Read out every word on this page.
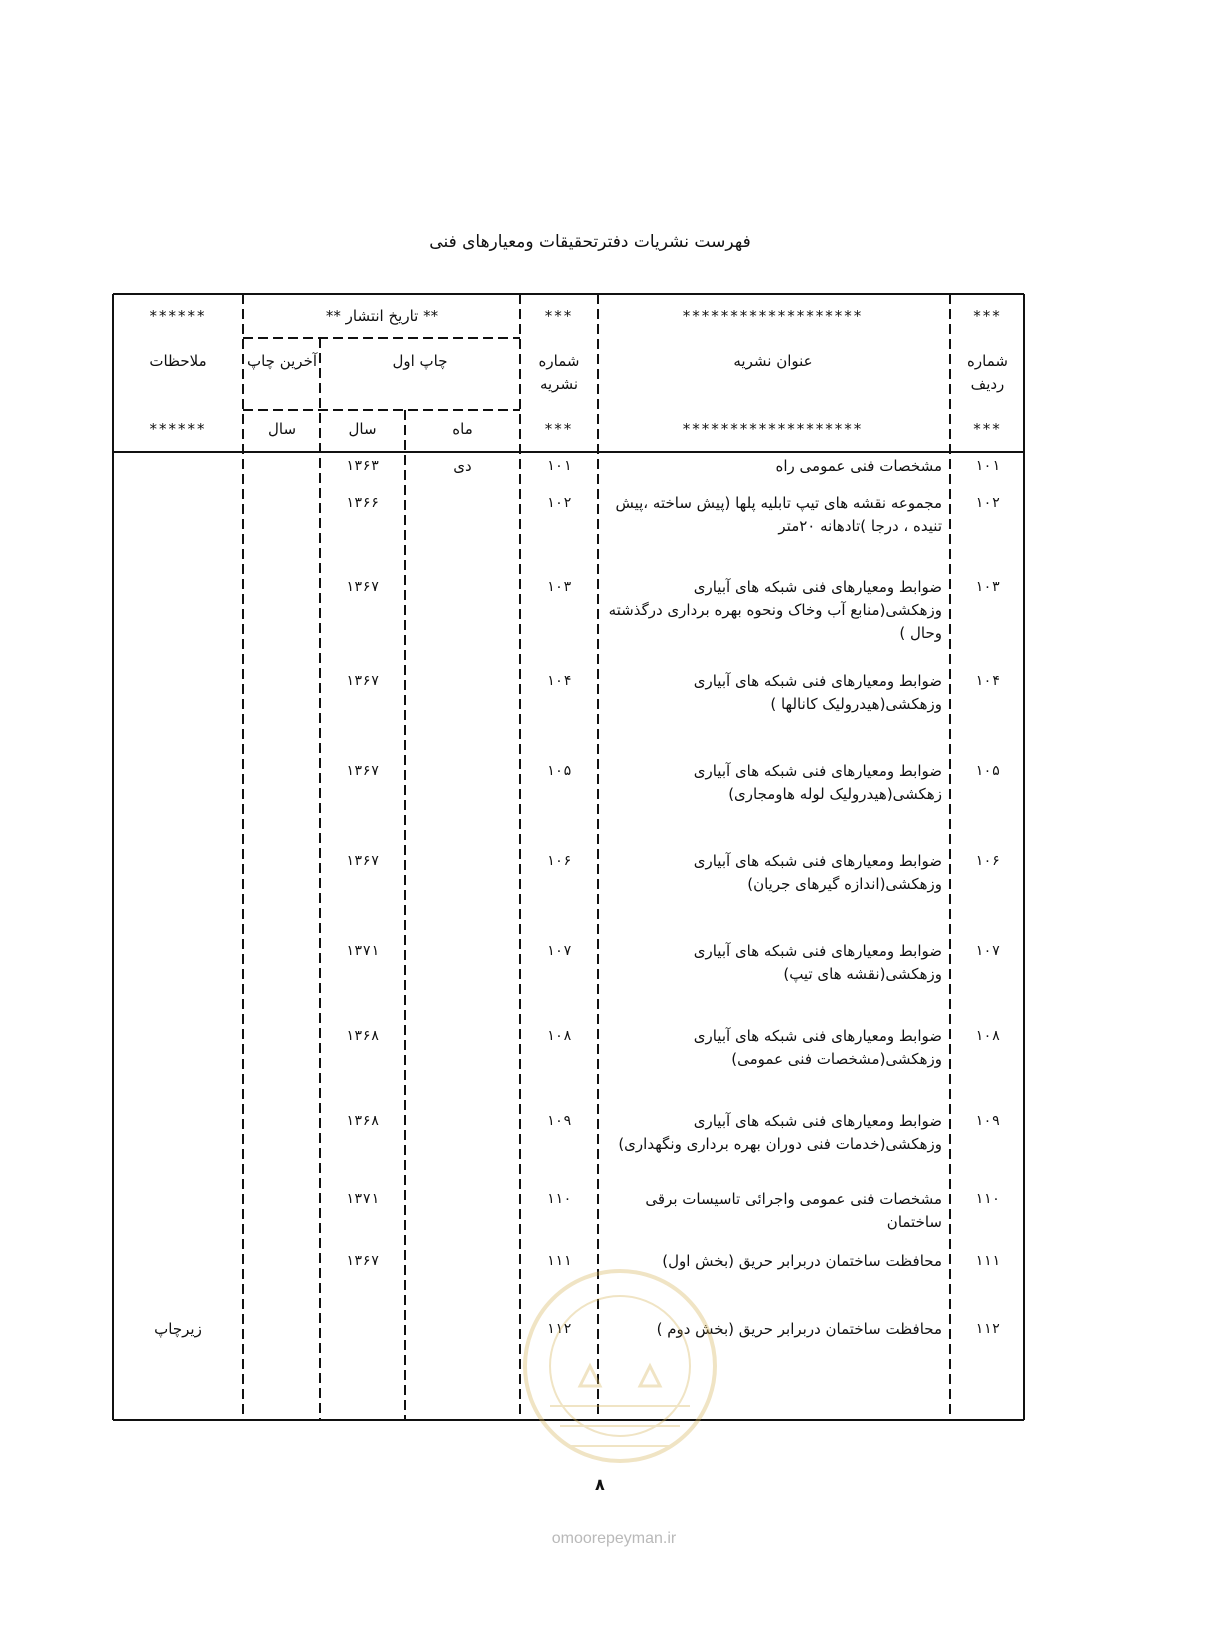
فهرست نشریات دفترتحقیقات ومعیارهای فنی
***
*******************
***
** تاریخ انتشار **
******
شماره ردیف
عنوان نشریه
شماره نشریه
چاپ اول
آخرین چاپ
ملاحظات
***
*******************
***
ماه
سال
سال
******
۱۰۱
مشخصات فنی عمومی راه
۱۰۱
دی
۱۳۶۳
۱۰۲
مجموعه نقشه های تیپ تابلیه پلها (پیش ساخته ،پیش تنیده ، درجا )تادهانه ۲۰متر
۱۰۲
۱۳۶۶
۱۰۳
ضوابط ومعیارهای فنی شبکه های آبیاری وزهکشی(منابع آب وخاک ونحوه بهره برداری درگذشته وحال )
۱۰۳
۱۳۶۷
۱۰۴
ضوابط ومعیارهای فنی شبکه های آبیاری وزهکشی(هیدرولیک کانالها )
۱۰۴
۱۳۶۷
۱۰۵
ضوابط ومعیارهای فنی شبکه های آبیاری زهکشی(هیدرولیک لوله هاومجاری)
۱۰۵
۱۳۶۷
۱۰۶
ضوابط ومعیارهای فنی شبکه های آبیاری وزهکشی(اندازه گیرهای جریان)
۱۰۶
۱۳۶۷
۱۰۷
ضوابط ومعیارهای فنی شبکه های آبیاری وزهکشی(نقشه های تیپ)
۱۰۷
۱۳۷۱
۱۰۸
ضوابط ومعیارهای فنی شبکه های آبیاری وزهکشی(مشخصات فنی عمومی)
۱۰۸
۱۳۶۸
۱۰۹
ضوابط ومعیارهای فنی شبکه های آبیاری وزهکشی(خدمات فنی دوران بهره برداری ونگهداری)
۱۰۹
۱۳۶۸
۱۱۰
مشخصات فنی عمومی واجرائی تاسیسات برقی ساختمان
۱۱۰
۱۳۷۱
۱۱۱
محافظت ساختمان دربرابر حریق (بخش اول)
۱۱۱
۱۳۶۷
۱۱۲
محافظت ساختمان دربرابر حریق (بخش دوم )
۱۱۲
زیرچاپ
۸
omoorepeyman.ir
